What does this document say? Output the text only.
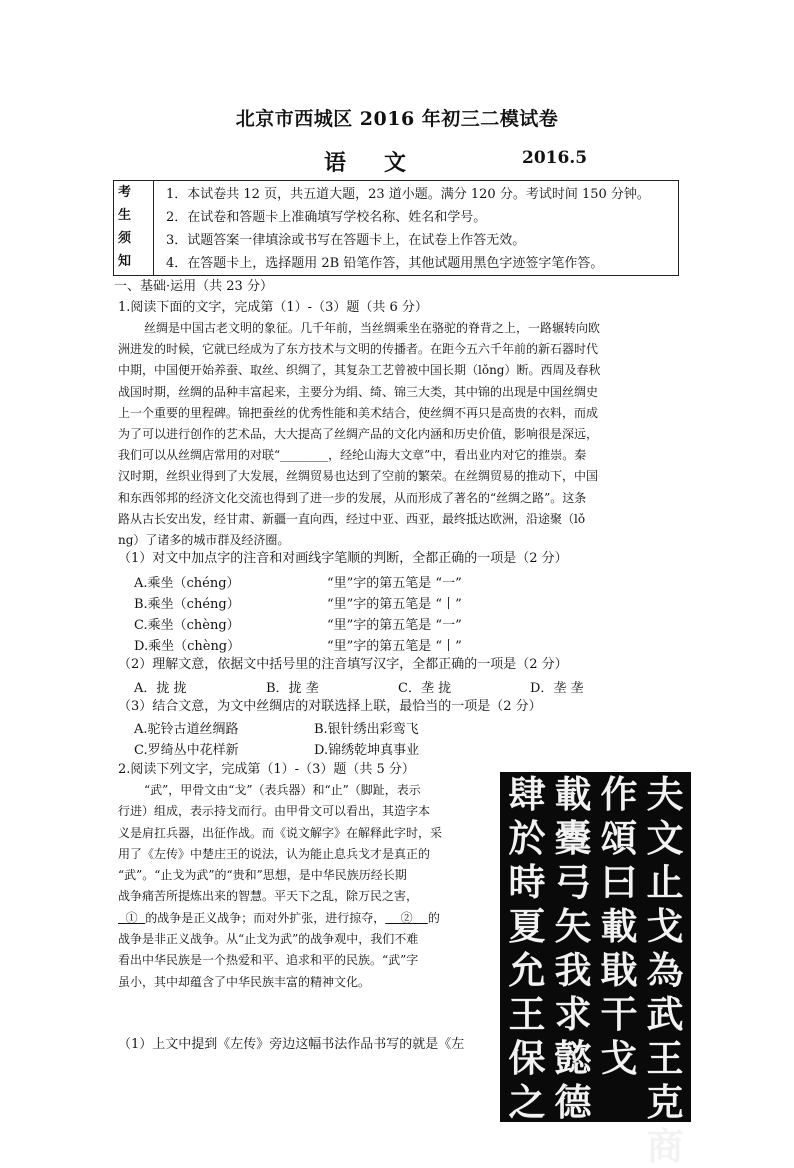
北京市西城区 2016 年初三二模试卷
语文	2016.5
考
生
须
知
1．本试卷共 12 页，共五道大题，23 道小题。满分 120 分。考试时间 150 分钟。
2．在试卷和答题卡上准确填写学校名称、姓名和学号。
3．试题答案一律填涂或书写在答题卡上，在试卷上作答无效。
4．在答题卡上，选择题用 2B 铅笔作答，其他试题用黑色字迹签字笔作答。
一、基础·运用（共 23 分）
1.阅读下面的文字，完成第（1）-（3）题（共 6 分）
丝绸是中国古老文明的象征。几千年前，当丝绸乘坐在骆驼的脊背之上，一路辗转向欧
洲进发的时候，它就已经成为了东方技术与文明的传播者。在距今五六千年前的新石器时代
中期，中国便开始养蚕、取丝、织绸了，其复杂工艺曾被中国长期（lǒng）断。西周及春秋
战国时期，丝绸的品种丰富起来，主要分为绢、绮、锦三大类，其中锦的出现是中国丝绸史
上一个重要的里程碑。锦把蚕丝的优秀性能和美术结合，使丝绸不再只是高贵的衣料，而成
为了可以进行创作的艺术品，大大提高了丝绸产品的文化内涵和历史价值，影响很是深远，
我们可以从丝绸店常用的对联“________，经纶山海大文章”中，看出业内对它的推崇。秦
汉时期，丝织业得到了大发展，丝绸贸易也达到了空前的繁荣。在丝绸贸易的推动下，中国
和东西邻邦的经济文化交流也得到了进一步的发展，从而形成了著名的“丝绸之路”。这条
路从古长安出发，经甘肃、新疆一直向西，经过中亚、西亚，最终抵达欧洲，沿途聚（lǒ
ng）了诸多的城市群及经济圈。
（1）对文中加点字的注音和对画线字笔顺的判断，全都正确的一项是（2 分）
A.乘坐（chéng）	“里”字的第五笔是 “一”
B.乘坐（chéng）	“里”字的第五笔是 “丨”
C.乘坐（chèng）	“里”字的第五笔是 “一”
D.乘坐（chèng）	“里”字的第五笔是 “丨”
（2）理解文意，依据文中括号里的注音填写汉字，全都正确的一项是（2 分）
A．拢 拢	B．拢 垄	C．垄 拢	D．垄 垄
（3）结合文意，为文中丝绸店的对联选择上联，最恰当的一项是（2 分）
A.驼铃古道丝绸路	B.银针绣出彩鸾飞
C.罗绮丛中花样新	D.锦绣乾坤真事业
2.阅读下列文字，完成第（1）-（3）题（共 5 分）
“武”，甲骨文由“戈”（表兵器）和“止”（脚趾，表示
行进）组成，表示持戈而行。由甲骨文可以看出，其造字本
义是肩扛兵器，出征作战。而《说文解字》在解释此字时，采
用了《左传》中楚庄王的说法，认为能止息兵戈才是真正的
“武”。“止戈为武”的“贵和”思想，是中华民族历经长期
战争痛苦所提炼出来的智慧。平天下之乱，除万民之害，
① 的战争是正义战争；而对外扩张，进行掠夺， ② 的
战争是非正义战争。从“止戈为武”的战争观中，我们不难
看出中华民族是一个热爱和平、追求和平的民族。“武”字
虽小，其中却蕴含了中华民族丰富的精神文化。
（1）上文中提到《左传》旁边这幅书法作品书写的就是《左
夫
文
止
戈
為
武
王
克
商
作
頌
曰
載
戢
干
戈
載
櫜
弓
矢
我
求
懿
德
肆
於
時
夏
允
王
保
之
